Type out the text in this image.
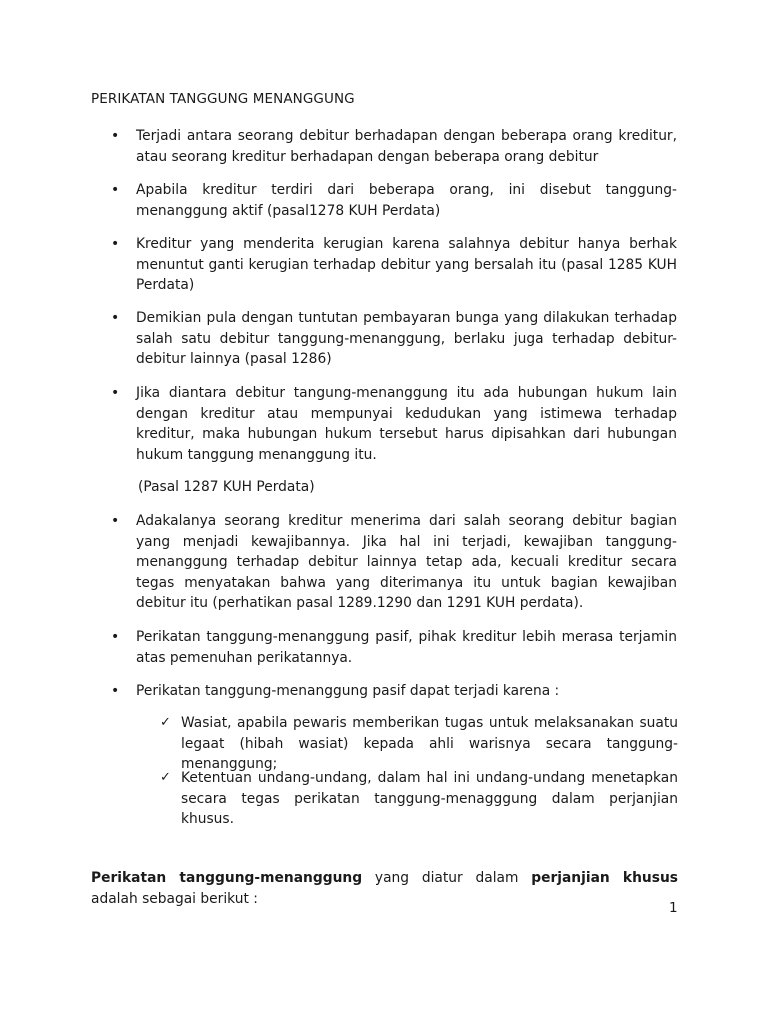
PERIKATAN TANGGUNG MENANGGUNG
• Terjadi antara seorang debitur berhadapan dengan beberapa orang kreditur, atau seorang kreditur berhadapan dengan beberapa orang debitur
• Apabila kreditur terdiri dari beberapa orang, ini disebut tanggung-menanggung aktif (pasal1278 KUH Perdata)
• Kreditur yang menderita kerugian karena salahnya debitur hanya berhak menuntut ganti kerugian terhadap debitur yang bersalah itu (pasal 1285 KUH Perdata)
• Demikian pula dengan tuntutan pembayaran bunga yang dilakukan terhadap salah satu debitur tanggung-menanggung, berlaku juga terhadap debitur-debitur lainnya (pasal 1286)
• Jika diantara debitur tangung-menanggung itu ada hubungan hukum lain dengan kreditur atau mempunyai kedudukan yang istimewa terhadap kreditur, maka hubungan hukum tersebut harus dipisahkan dari hubungan hukum tanggung menanggung itu.
(Pasal 1287 KUH Perdata)
• Adakalanya seorang kreditur menerima dari salah seorang debitur bagian yang menjadi kewajibannya. Jika hal ini terjadi, kewajiban tanggung-menanggung terhadap debitur lainnya tetap ada, kecuali kreditur secara tegas menyatakan bahwa yang diterimanya itu untuk bagian kewajiban debitur itu (perhatikan pasal 1289.1290 dan 1291 KUH perdata).
• Perikatan tanggung-menanggung pasif, pihak kreditur lebih merasa terjamin atas pemenuhan perikatannya.
• Perikatan tanggung-menanggung pasif dapat terjadi karena :
✓ Wasiat, apabila pewaris memberikan tugas untuk melaksanakan suatu legaat (hibah wasiat) kepada ahli warisnya secara tanggung-menanggung;
✓ Ketentuan undang-undang, dalam hal ini undang-undang menetapkan secara tegas perikatan tanggung-menagggung dalam perjanjian khusus.

Perikatan tanggung-menanggung yang diatur dalam perjanjian khusus adalah sebagai berikut :

1
